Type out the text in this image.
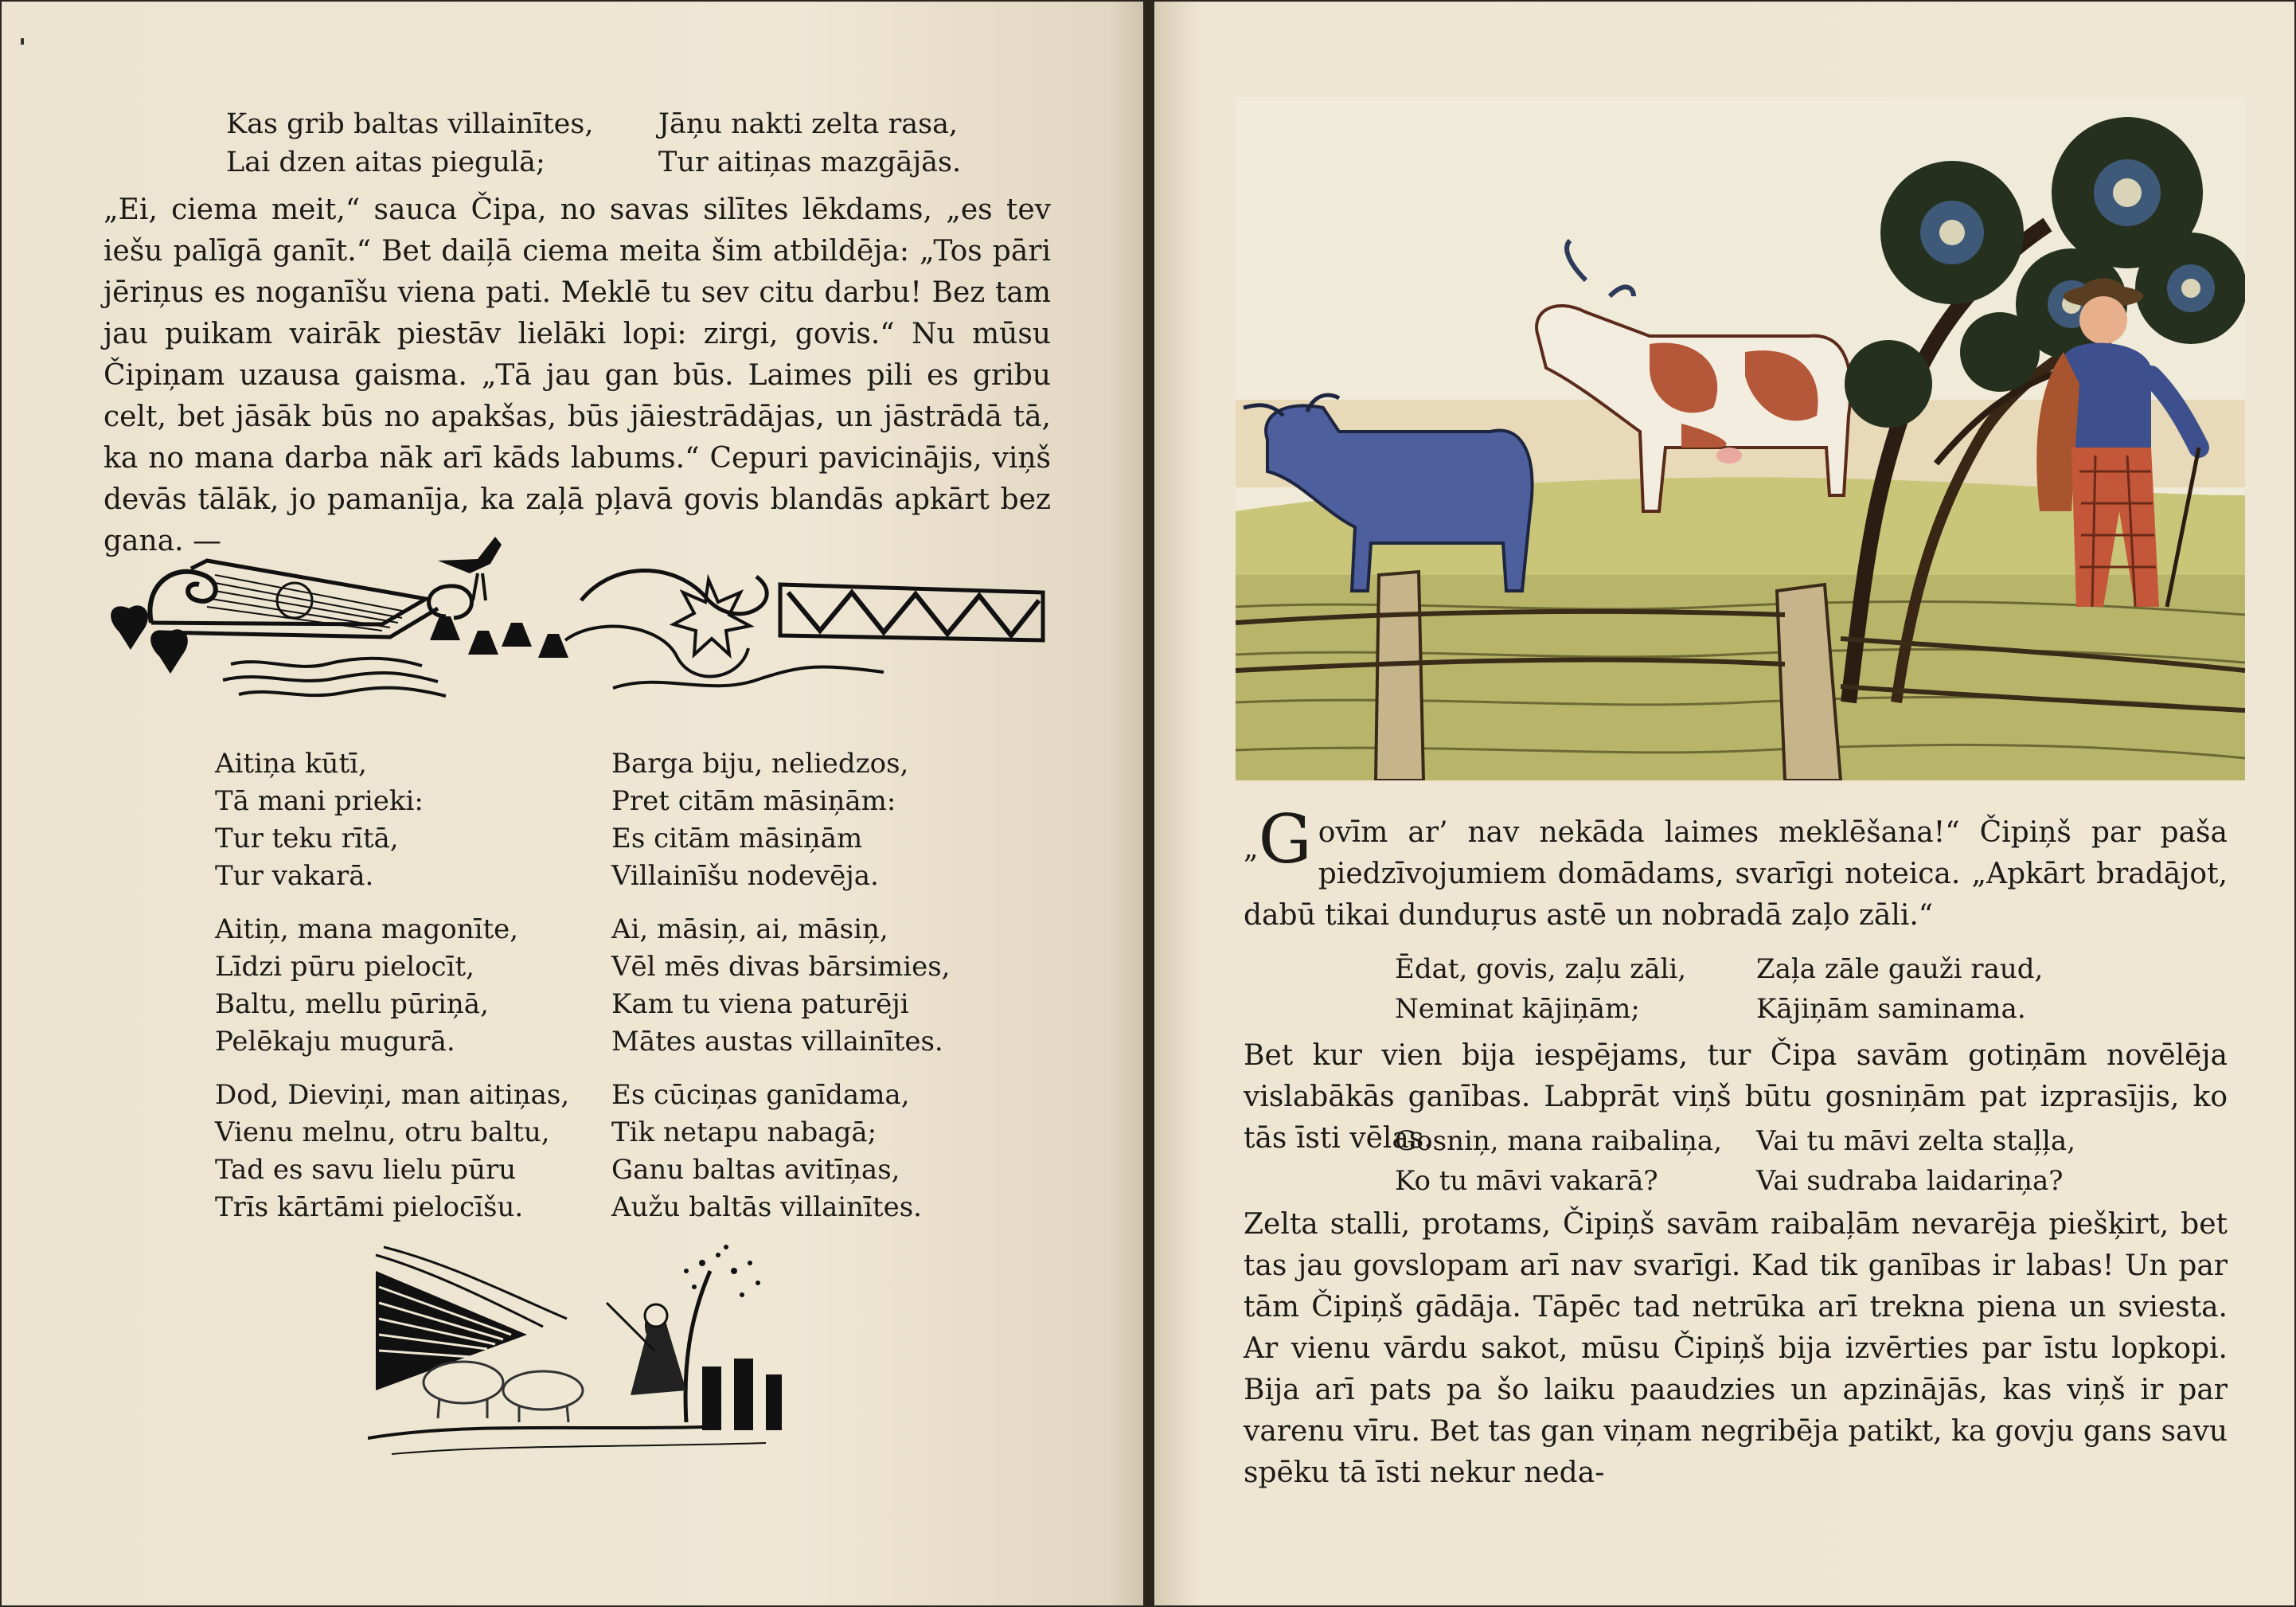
Kas grib baltas villainītes,
Lai dzen aitas piegulā;
Jāņu nakti zelta rasa,
Tur aitiņas mazgājās.

„Ei, ciema meit,“ sauca Čipa, no savas silītes lēkdams, „es tev iešu palīgā ganīt.“ Bet daiļā ciema meita šim atbildēja: „Tos pāri jēriņus es noganīšu viena pati. Meklē tu sev citu darbu! Bez tam jau puikam vairāk piestāv lielāki lopi: zirgi, govis.“ Nu mūsu Čipiņam uzausa gaisma. „Tā jau gan būs. Laimes pili es gribu celt, bet jāsāk būs no apakšas, būs jāiestrādājas, un jāstrādā tā, ka no mana darba nāk arī kāds labums.“ Cepuri pavicinājis, viņš devās tālāk, jo pamanīja, ka zaļā pļavā govis blandās apkārt bez gana. —

Aitiņa kūtī,
Tā mani prieki:
Tur teku rītā,
Tur vakarā.
Barga biju, neliedzos,
Pret citām māsiņām:
Es citām māsiņām
Villainīšu nodevēja.
Aitiņ, mana magonīte,
Līdzi pūru pielocīt,
Baltu, mellu pūriņā,
Pelēkaju mugurā.
Ai, māsiņ, ai, māsiņ,
Vēl mēs divas bārsimies,
Kam tu viena paturēji
Mātes austas villainītes.
Dod, Dieviņi, man aitiņas,
Vienu melnu, otru baltu,
Tad es savu lielu pūru
Trīs kārtāmi pielocīšu.
Es cūciņas ganīdama,
Tik netapu nabagā;
Ganu baltas avitīņas,
Aužu baltās villainītes.
„ G ovīm ar’ nav nekāda laimes meklēšana!“ Čipiņš par paša piedzīvojumiem domādams, svarīgi noteica. „Apkārt bradājot, dabū tikai dunduŗus astē un nobradā zaļo zāli.“
Ēdat, govis, zaļu zāli,
Neminat kājiņām;
Zaļa zāle gauži raud,
Kājiņām saminama.

Bet kur vien bija iespējams, tur Čipa savām gotiņām novēlēja vislabākās ganības. Labprāt viņš būtu gosniņām pat izprasījis, ko tās īsti vēlas.

Gosniņ, mana raibaliņa,
Ko tu māvi vakarā?
Vai tu māvi zelta staļļa,
Vai sudraba laidariņa?

Zelta stalli, protams, Čipiņš savām raibaļām nevarēja piešķirt, bet tas jau govslopam arī nav svarīgi. Kad tik ganības ir labas! Un par tām Čipiņš gādāja. Tāpēc tad netrūka arī trekna piena un sviesta. Ar vienu vārdu sakot, mūsu Čipiņš bija izvērties par īstu lopkopi. Bija arī pats pa šo laiku paaudzies un apzinājās, kas viņš ir par varenu vīru. Bet tas gan viņam negribēja patikt, ka govju gans savu spēku tā īsti nekur neda-
